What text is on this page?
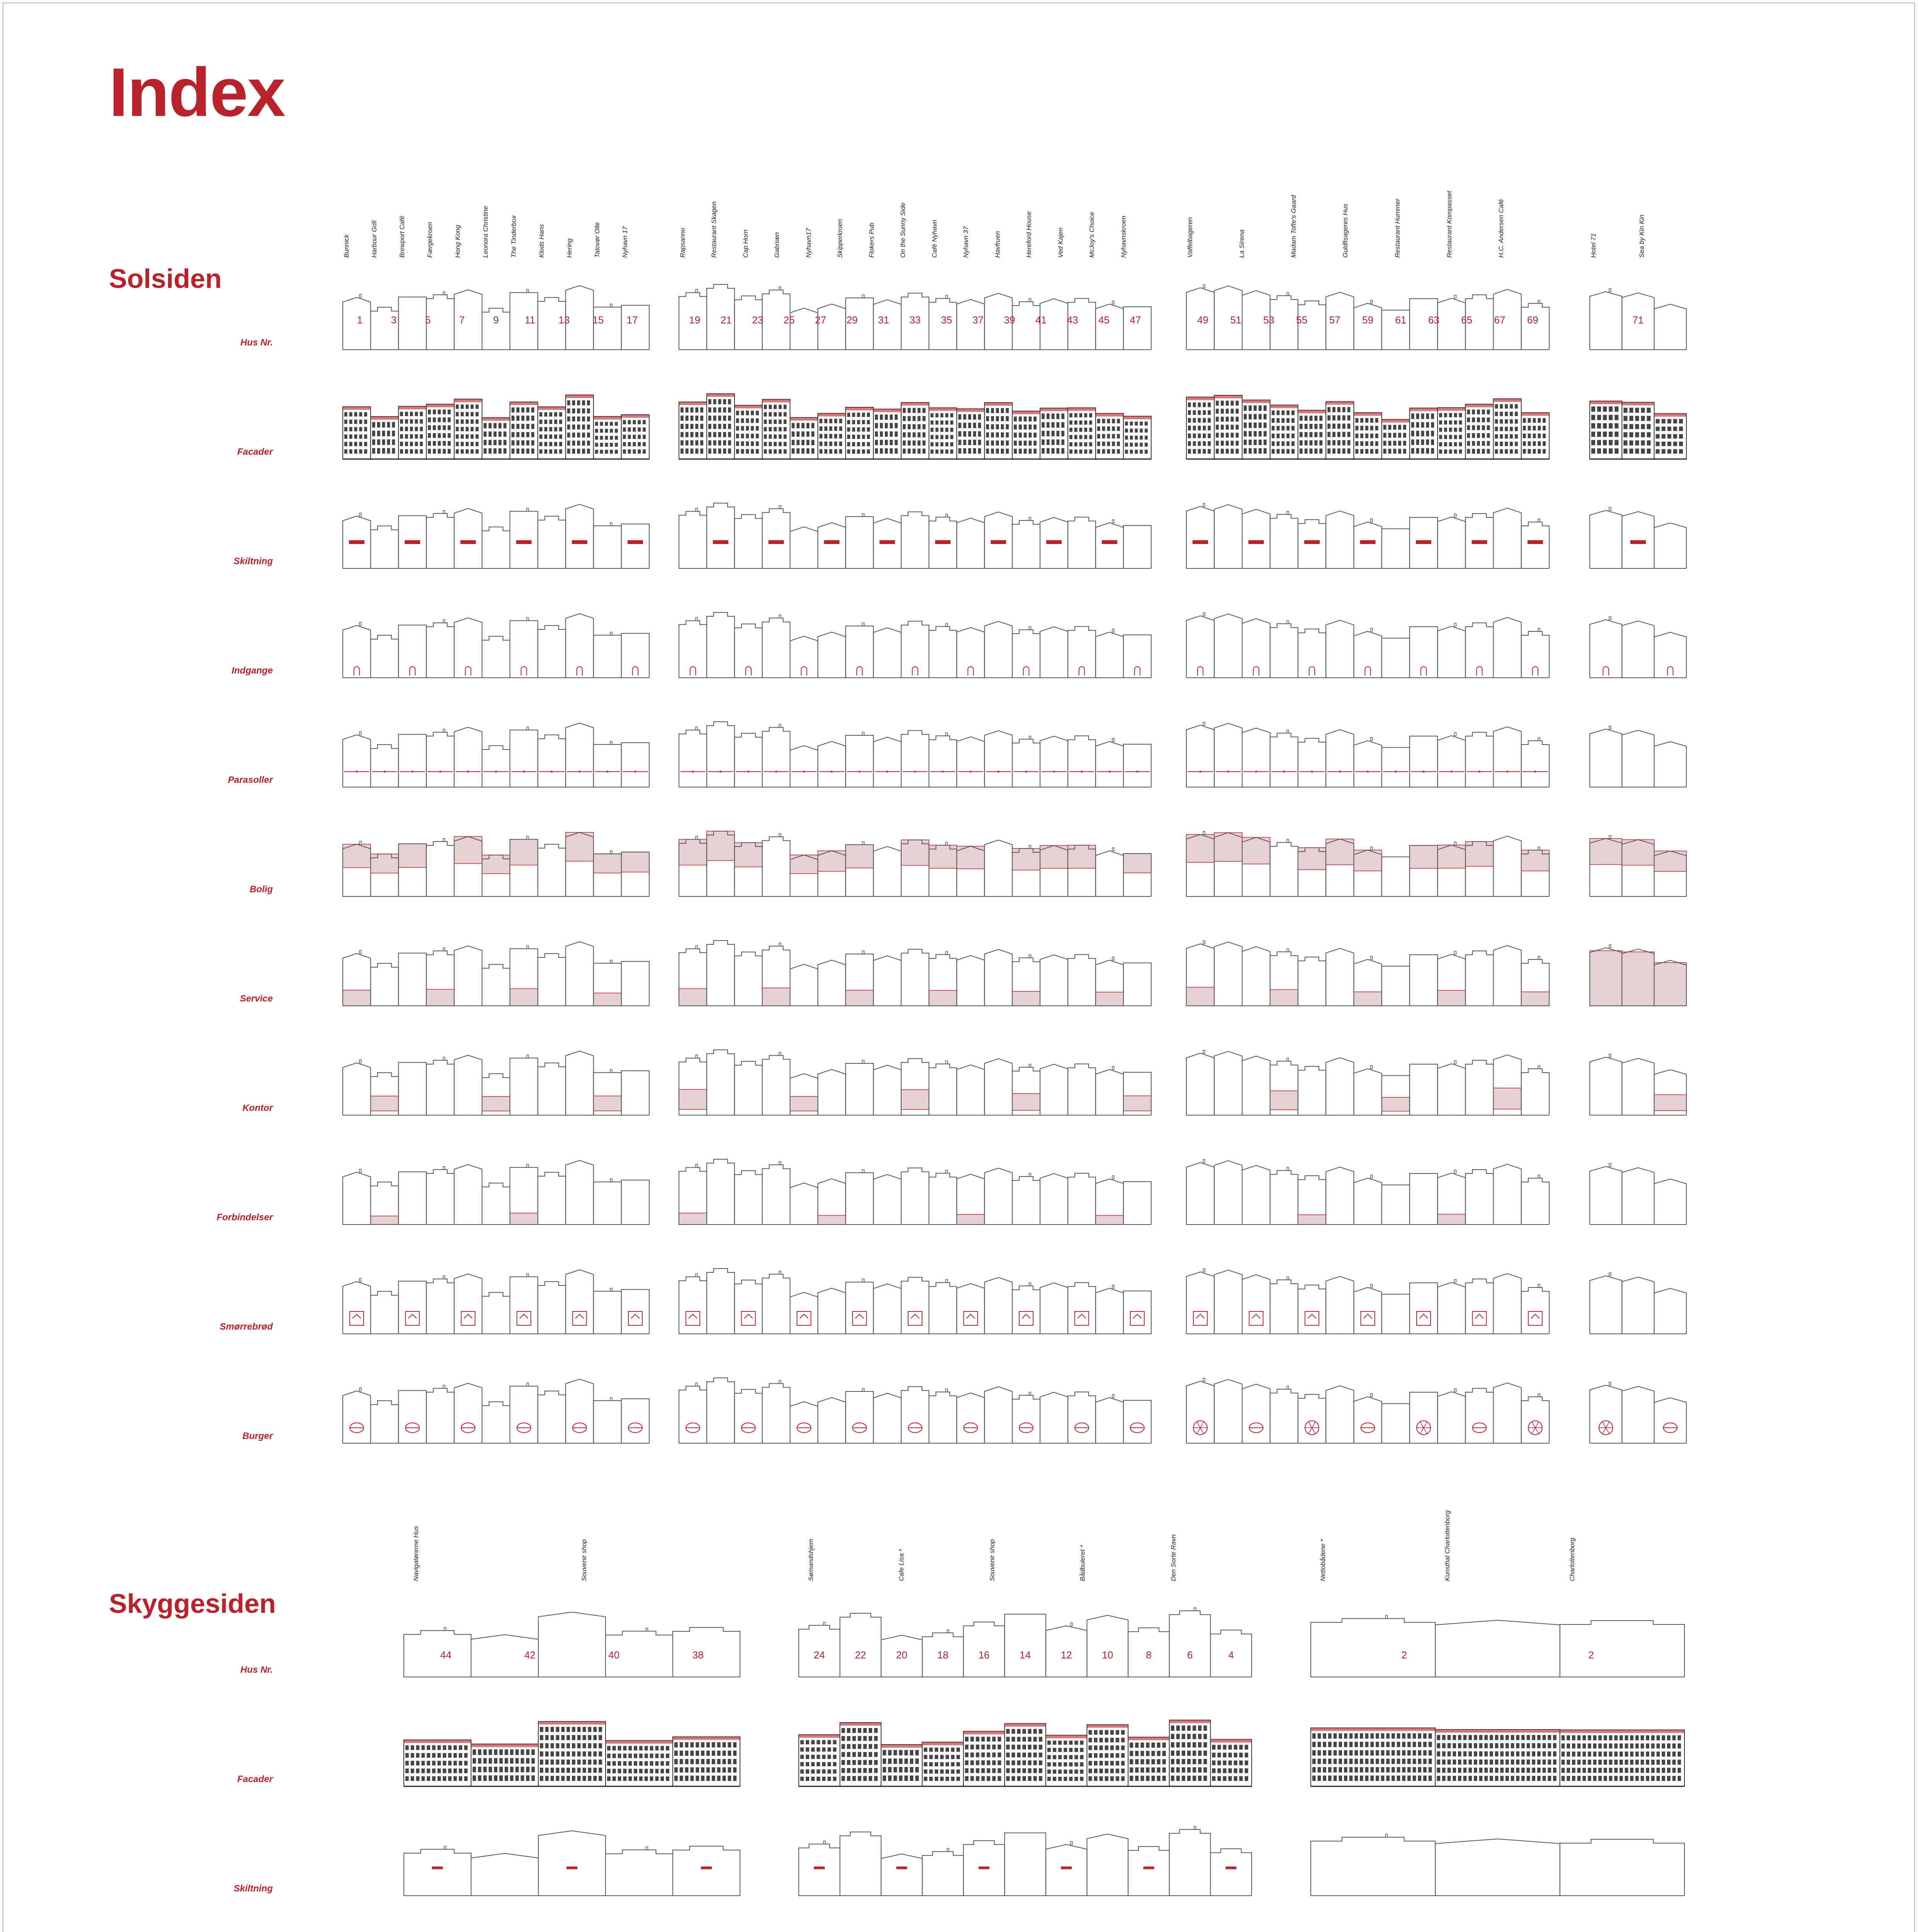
Index
Solsiden
Bunnick	Harbour Grill	Brewport Café	Færgekroen	Hong Kong	Leonora Christine	The Tinderbox	Klods Hans	Hering	Tatovør Olle	Nyhavn 17	Rapsanno	Restaurant Skagen	Cap Horn	Gabriæn	Nyhavn17	Skipperkroen	Flokers Pub	On the Sunny Side	Café Nyhavn	Nyhavn 37	Havfruen	Hereford House	Ved Kajen	McJoy's Choice	Nyhavnskroen	Vaffelbageren	La Sirena	Madam Tofte's Gaard	Guldfisageres Hus	Restaurant Hummer	Restaurant Kompasset	H.C. Andersen Café	Hotel 71	Sea by Kin Kin
Hus Nr.
1	3	5	7	9	11	13	15	17	19	21	23	25	27	29	31	33	35	37	39	41	43	45	47	49	51	53	55	57	59	61	63	65	67	69	71
Facader
Skiltning
Indgange
Parasoller
Bolig
Service
Kontor
Forbindelser
Smørrebrød
Burger
Skyggesiden
Navigatørerne Hus	Souvenir shop	Sømandshjem	Cafe Lisa *	Souvenir shop	Bådbuleret *	Den Sorte Ravn	Nettobådene *	Kunsthal Charlottenborg	Charlottenborg
Hus Nr.
44	42	40	38	24	22	20	18	16	14	12	10	8	6	4	2	2
Facader
Skiltning
